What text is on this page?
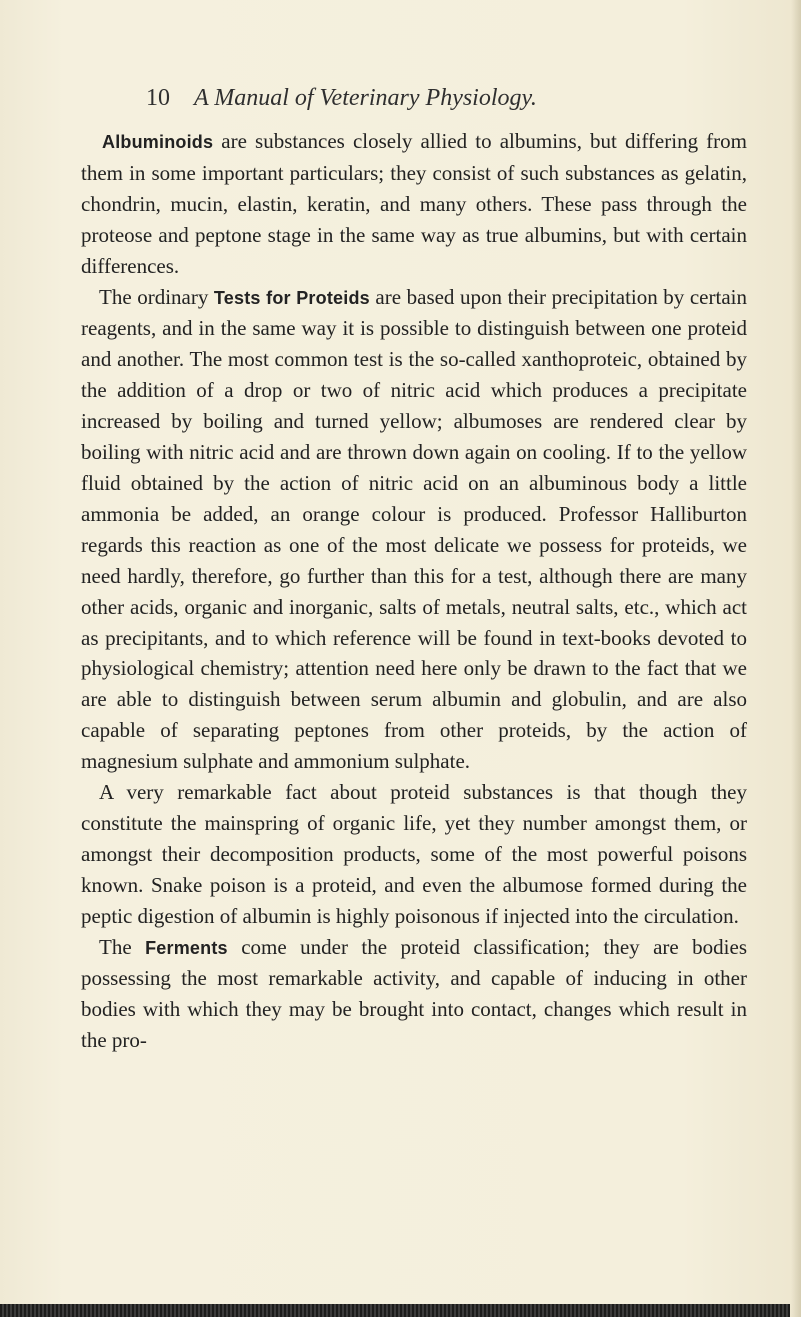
10 A Manual of Veterinary Physiology.

Albuminoids are substances closely allied to albumins, but differing from them in some important particulars; they consist of such substances as gelatin, chondrin, mucin, elastin, keratin, and many others. These pass through the proteose and peptone stage in the same way as true albumins, but with certain differences.

The ordinary Tests for Proteids are based upon their precipitation by certain reagents, and in the same way it is possible to distinguish between one proteid and another. The most common test is the so-called xanthoproteic, obtained by the addition of a drop or two of nitric acid which produces a precipitate increased by boiling and turned yellow; albumoses are rendered clear by boiling with nitric acid and are thrown down again on cooling. If to the yellow fluid obtained by the action of nitric acid on an albuminous body a little ammonia be added, an orange colour is produced. Professor Halliburton regards this reaction as one of the most delicate we possess for proteids, we need hardly, therefore, go further than this for a test, although there are many other acids, organic and inorganic, salts of metals, neutral salts, etc., which act as precipitants, and to which reference will be found in text-books devoted to physiological chemistry; attention need here only be drawn to the fact that we are able to distinguish between serum albumin and globulin, and are also capable of separating peptones from other proteids, by the action of magnesium sulphate and ammonium sulphate.

A very remarkable fact about proteid substances is that though they constitute the mainspring of organic life, yet they number amongst them, or amongst their decomposition products, some of the most powerful poisons known. Snake poison is a proteid, and even the albumose formed during the peptic digestion of albumin is highly poisonous if injected into the circulation.

The Ferments come under the proteid classification; they are bodies possessing the most remarkable activity, and capable of inducing in other bodies with which they may be brought into contact, changes which result in the pro-
